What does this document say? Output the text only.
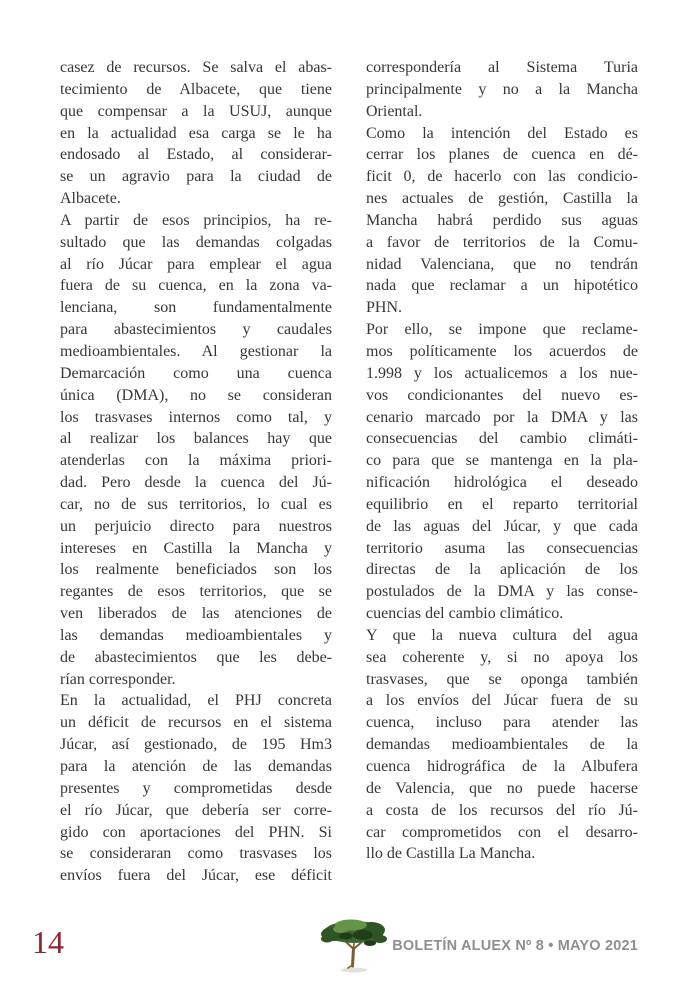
casez de recursos. Se salva el abas-
tecimiento de Albacete, que tiene
que compensar a la USUJ, aunque
en la actualidad esa carga se le ha
endosado al Estado, al considerar-
se un agravio para la ciudad de
Albacete.
A partir de esos principios, ha re-
sultado que las demandas colgadas
al río Júcar para emplear el agua
fuera de su cuenca, en la zona va-
lenciana, son fundamentalmente
para abastecimientos y caudales
medioambientales. Al gestionar la
Demarcación como una cuenca
única (DMA), no se consideran
los trasvases internos como tal, y
al realizar los balances hay que
atenderlas con la máxima priori-
dad. Pero desde la cuenca del Jú-
car, no de sus territorios, lo cual es
un perjuicio directo para nuestros
intereses en Castilla la Mancha y
los realmente beneficiados son los
regantes de esos territorios, que se
ven liberados de las atenciones de
las demandas medioambientales y
de abastecimientos que les debe-
rían corresponder.
En la actualidad, el PHJ concreta
un déficit de recursos en el sistema
Júcar, así gestionado, de 195 Hm3
para la atención de las demandas
presentes y comprometidas desde
el río Júcar, que debería ser corre-
gido con aportaciones del PHN. Si
se consideraran como trasvases los
envíos fuera del Júcar, ese déficit
correspondería al Sistema Turia
principalmente y no a la Mancha
Oriental.
Como la intención del Estado es
cerrar los planes de cuenca en dé-
ficit 0, de hacerlo con las condicio-
nes actuales de gestión, Castilla la
Mancha habrá perdido sus aguas
a favor de territorios de la Comu-
nidad Valenciana, que no tendrán
nada que reclamar a un hipotético
PHN.
Por ello, se impone que reclame-
mos políticamente los acuerdos de
1.998 y los actualicemos a los nue-
vos condicionantes del nuevo es-
cenario marcado por la DMA y las
consecuencias del cambio climáti-
co para que se mantenga en la pla-
nificación hidrológica el deseado
equilibrio en el reparto territorial
de las aguas del Júcar, y que cada
territorio asuma las consecuencias
directas de la aplicación de los
postulados de la DMA y las conse-
cuencias del cambio climático.
Y que la nueva cultura del agua
sea coherente y, si no apoya los
trasvases, que se oponga también
a los envíos del Júcar fuera de su
cuenca, incluso para atender las
demandas medioambientales de la
cuenca hidrográfica de la Albufera
de Valencia, que no puede hacerse
a costa de los recursos del río Jú-
car comprometidos con el desarro-
llo de Castilla La Mancha.
14	BOLETÍN ALUEX Nº 8 • MAYO 2021
